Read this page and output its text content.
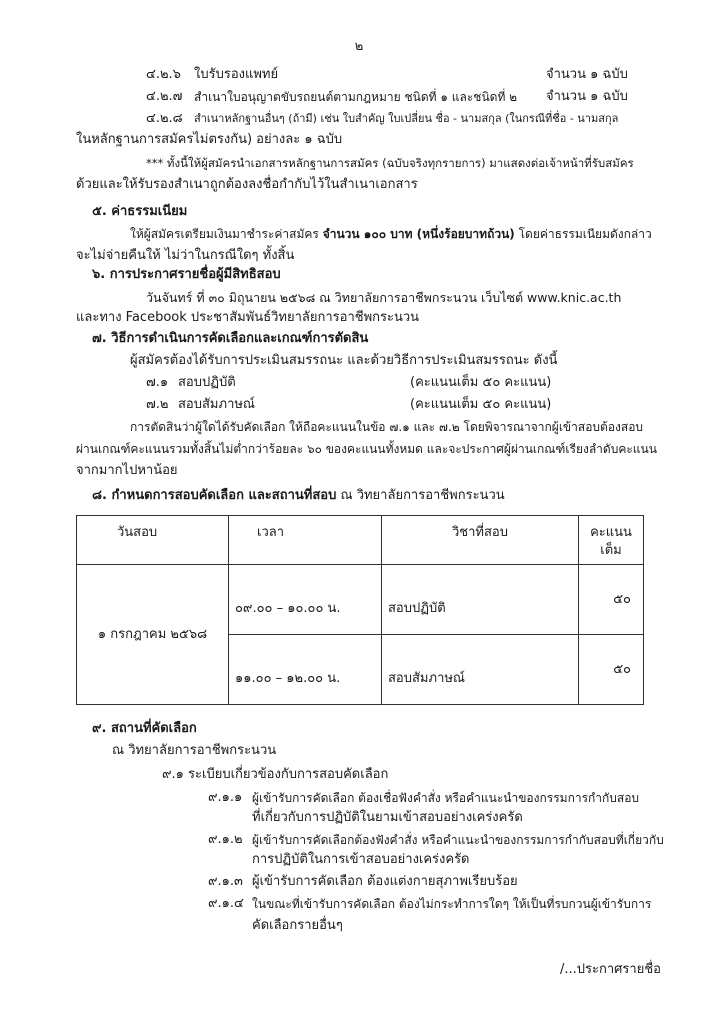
๒
๔.๒.๖ ใบรับรองแพทย์	จำนวน ๑ ฉบับ
๔.๒.๗ สำเนาใบอนุญาตขับรถยนต์ตามกฎหมาย ชนิดที่ ๑ และชนิดที่ ๒ จำนวน ๑ ฉบับ
๔.๒.๘ สำเนาหลักฐานอื่นๆ (ถ้ามี) เช่น ใบสำคัญ ใบเปลี่ยน ชื่อ - นามสกุล (ในกรณีที่ชื่อ - นามสกุล
ในหลักฐานการสมัครไม่ตรงกัน) อย่างละ ๑ ฉบับ
*** ทั้งนี้ให้ผู้สมัครนำเอกสารหลักฐานการสมัคร (ฉบับจริงทุกรายการ) มาแสดงต่อเจ้าหน้าที่รับสมัคร
ด้วยและให้รับรองสำเนาถูกต้องลงชื่อกำกับไว้ในสำเนาเอกสาร
๕. ค่าธรรมเนียม
ให้ผู้สมัครเตรียมเงินมาชำระค่าสมัคร จำนวน ๑๐๐ บาท (หนึ่งร้อยบาทถ้วน) โดยค่าธรรมเนียมดังกล่าว
จะไม่จ่ายคืนให้ ไม่ว่าในกรณีใดๆ ทั้งสิ้น
๖. การประกาศรายชื่อผู้มีสิทธิสอบ
วันจันทร์ ที่ ๓๐ มิถุนายน ๒๕๖๘ ณ วิทยาลัยการอาชีพกระนวน เว็บไซต์ www.knic.ac.th
และทาง Facebook ประชาสัมพันธ์วิทยาลัยการอาชีพกระนวน
๗. วิธีการดำเนินการคัดเลือกและเกณฑ์การตัดสิน
ผู้สมัครต้องได้รับการประเมินสมรรถนะ และด้วยวิธีการประเมินสมรรถนะ ดังนี้
๗.๑ สอบปฏิบัติ	(คะแนนเต็ม ๕๐ คะแนน)
๗.๒ สอบสัมภาษณ์	(คะแนนเต็ม ๕๐ คะแนน)
การตัดสินว่าผู้ใดได้รับคัดเลือก ให้ถือคะแนนในข้อ ๗.๑ และ ๗.๒ โดยพิจารณาจากผู้เข้าสอบต้องสอบ
ผ่านเกณฑ์คะแนนรวมทั้งสิ้นไม่ต่ำกว่าร้อยละ ๖๐ ของคะแนนทั้งหมด และจะประกาศผู้ผ่านเกณฑ์เรียงลำดับคะแนน
จากมากไปหาน้อย
๘. กำหนดการสอบคัดเลือก และสถานที่สอบ ณ วิทยาลัยการอาชีพกระนวน
วันสอบ	เวลา	วิชาที่สอบ	คะแนน
เต็ม

๑ กรกฎาคม ๒๕๖๘	๐๙.๐๐ – ๑๐.๐๐ น.	สอบปฏิบัติ	๕๐
	๑๑.๐๐ – ๑๒.๐๐ น.	สอบสัมภาษณ์	๕๐
๙. สถานที่คัดเลือก
ณ วิทยาลัยการอาชีพกระนวน
๙.๑ ระเบียบเกี่ยวข้องกับการสอบคัดเลือก
๙.๑.๑ ผู้เข้ารับการคัดเลือก ต้องเชื่อฟังคำสั่ง หรือคำแนะนำของกรรมการกำกับสอบ
ที่เกี่ยวกับการปฏิบัติในยามเข้าสอบอย่างเคร่งครัด
๙.๑.๒ ผู้เข้ารับการคัดเลือกต้องฟังคำสั่ง หรือคำแนะนำของกรรมการกำกับสอบที่เกี่ยวกับ
การปฏิบัติในการเข้าสอบอย่างเคร่งครัด
๙.๑.๓ ผู้เข้ารับการคัดเลือก ต้องแต่งกายสุภาพเรียบร้อย
๙.๑.๔ ในขณะที่เข้ารับการคัดเลือก ต้องไม่กระทำการใดๆ ให้เป็นที่รบกวนผู้เข้ารับการ
คัดเลือกรายอื่นๆ
/...ประกาศรายชื่อ
